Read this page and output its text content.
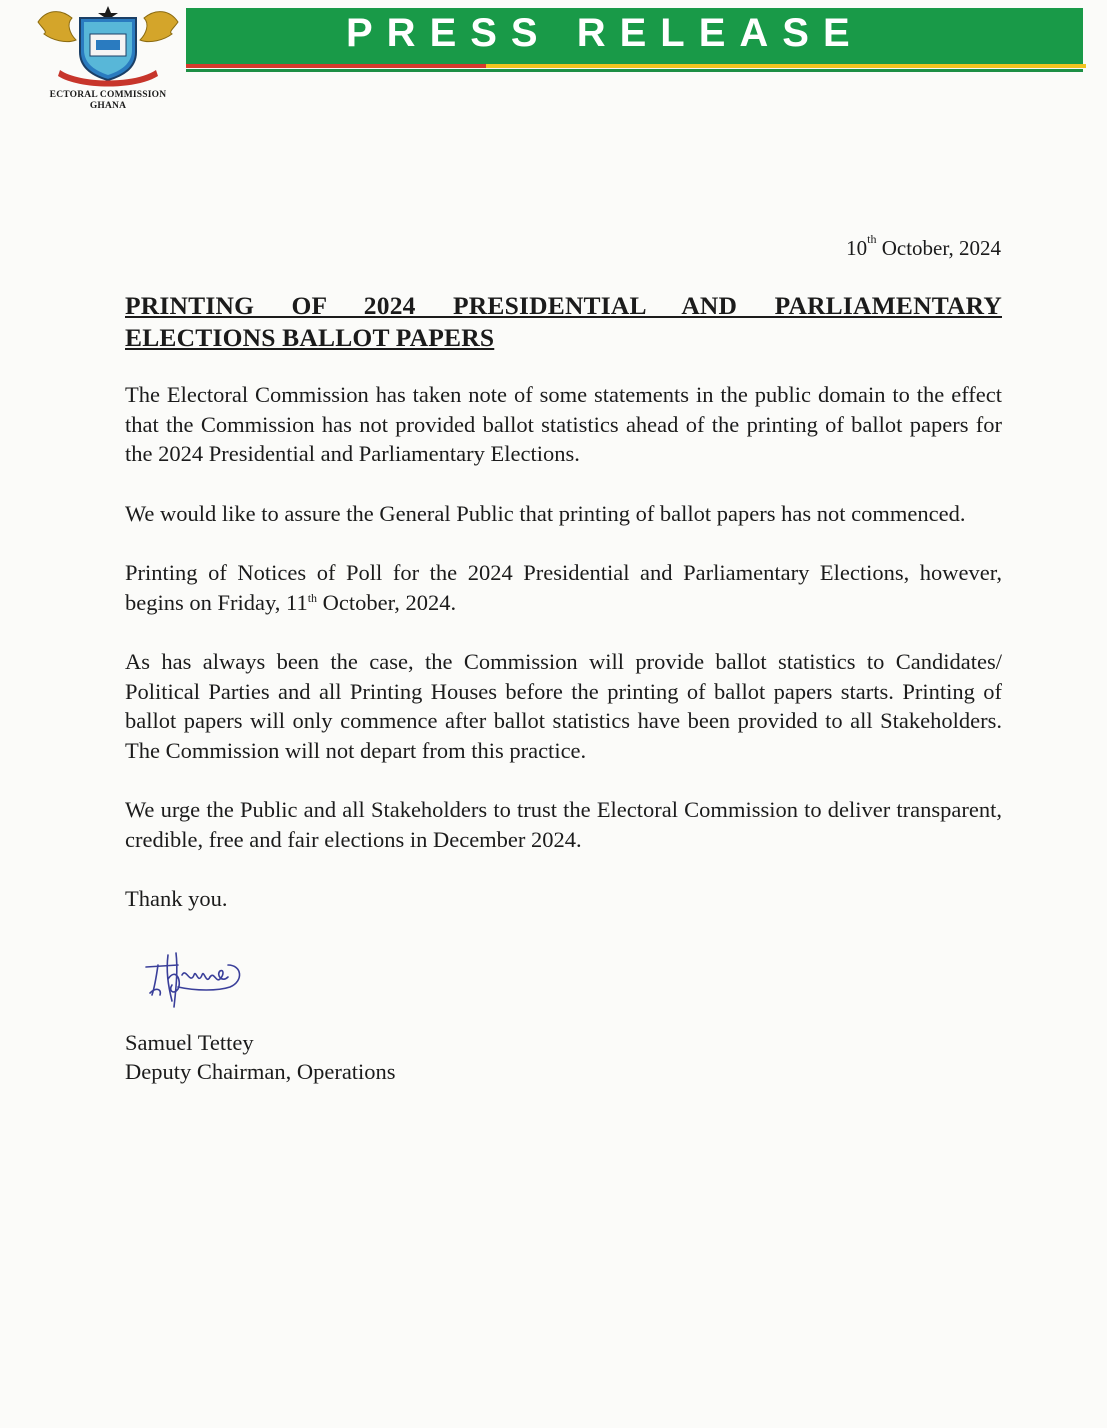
ECTORAL COMMISSION
GHANA
PRESS RELEASE
10th October, 2024
PRINTING OF 2024 PRESIDENTIAL AND PARLIAMENTARY ELECTIONS BALLOT PAPERS

The Electoral Commission has taken note of some statements in the public domain to the effect that the Commission has not provided ballot statistics ahead of the printing of ballot papers for the 2024 Presidential and Parliamentary Elections.

We would like to assure the General Public that printing of ballot papers has not commenced.

Printing of Notices of Poll for the 2024 Presidential and Parliamentary Elections, however, begins on Friday, 11th October, 2024.

As has always been the case, the Commission will provide ballot statistics to Candidates/ Political Parties and all Printing Houses before the printing of ballot papers starts. Printing of ballot papers will only commence after ballot statistics have been provided to all Stakeholders. The Commission will not depart from this practice.

We urge the Public and all Stakeholders to trust the Electoral Commission to deliver transparent, credible, free and fair elections in December 2024.

Thank you.

Samuel Tettey
Deputy Chairman, Operations
